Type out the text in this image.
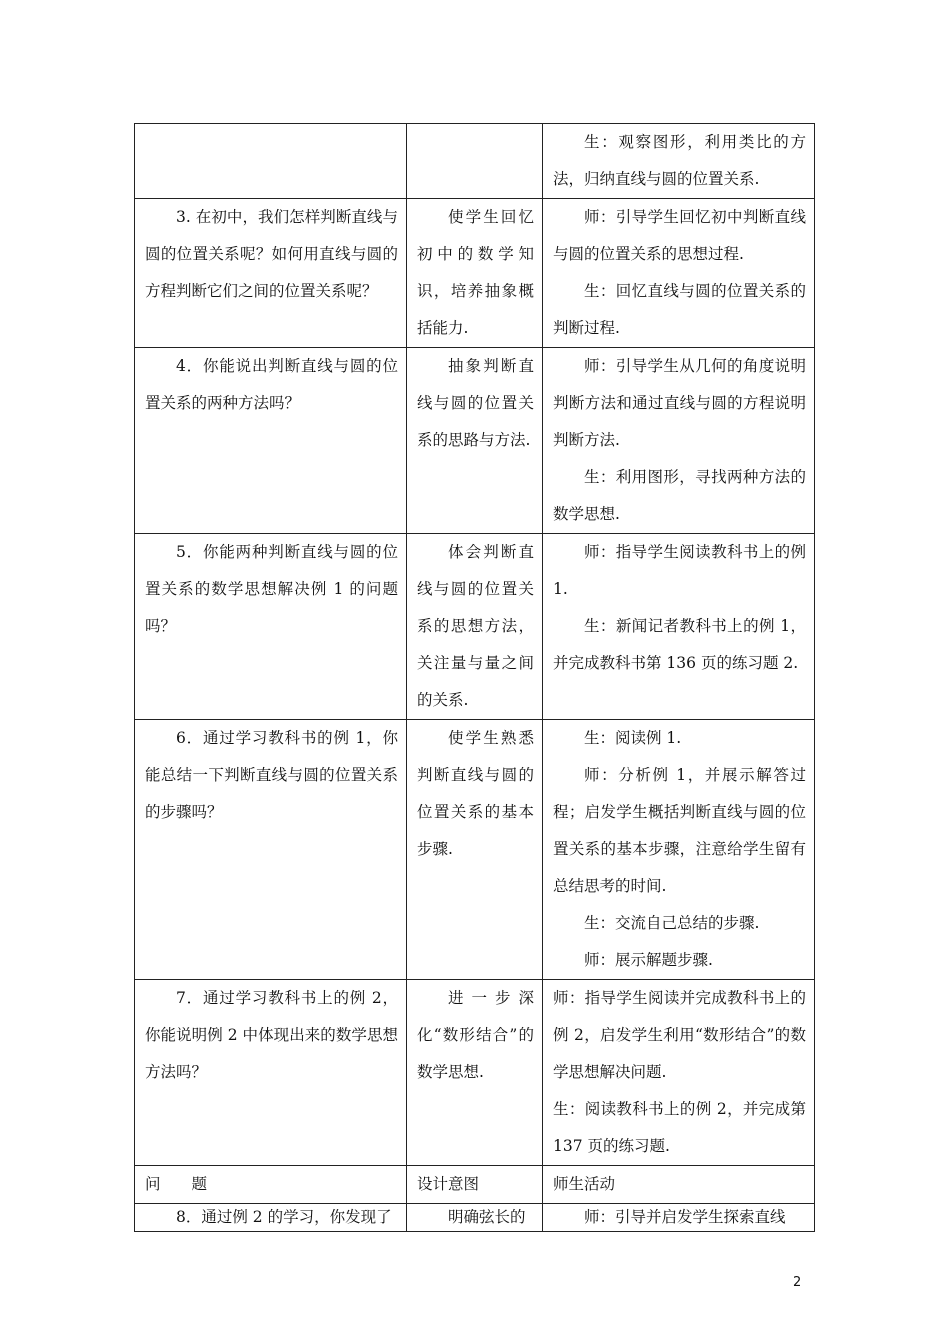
		生：观察图形，利用类比的方法，归纳直线与圆的位置关系.

3. 在初中，我们怎样判断直线与圆的位置关系呢？如何用直线与圆的方程判断它们之间的位置关系呢？	使学生回忆初中的数学知识，培养抽象概括能力.	师：引导学生回忆初中判断直线与圆的位置关系的思想过程.

生：回忆直线与圆的位置关系的判断过程.

4．你能说出判断直线与圆的位置关系的两种方法吗？	抽象判断直线与圆的位置关系的思路与方法.	师：引导学生从几何的角度说明判断方法和通过直线与圆的方程说明判断方法.

生：利用图形，寻找两种方法的数学思想.

5．你能两种判断直线与圆的位置关系的数学思想解决例 1 的问题吗？	体会判断直线与圆的位置关系的思想方法，关注量与量之间的关系.	师：指导学生阅读教科书上的例 1.

生：新闻记者教科书上的例 1，并完成教科书第 136 页的练习题 2.

6．通过学习教科书的例 1，你能总结一下判断直线与圆的位置关系的步骤吗？	使学生熟悉判断直线与圆的位置关系的基本步骤.	生：阅读例 1.

师：分析例 1，并展示解答过程；启发学生概括判断直线与圆的位置关系的基本步骤，注意给学生留有总结思考的时间.

生：交流自己总结的步骤.

师：展示解题步骤.

7．通过学习教科书上的例 2，你能说明例 2 中体现出来的数学思想方法吗？	进一步深化“数形结合”的数学思想.	师：指导学生阅读并完成教科书上的例 2，启发学生利用“数形结合”的数学思想解决问题.

生：阅读教科书上的例 2，并完成第 137 页的练习题.

问　　题	设计意图	师生活动

8．通过例 2 的学习，你发现了	明确弦长的	师：引导并启发学生探索直线

2
